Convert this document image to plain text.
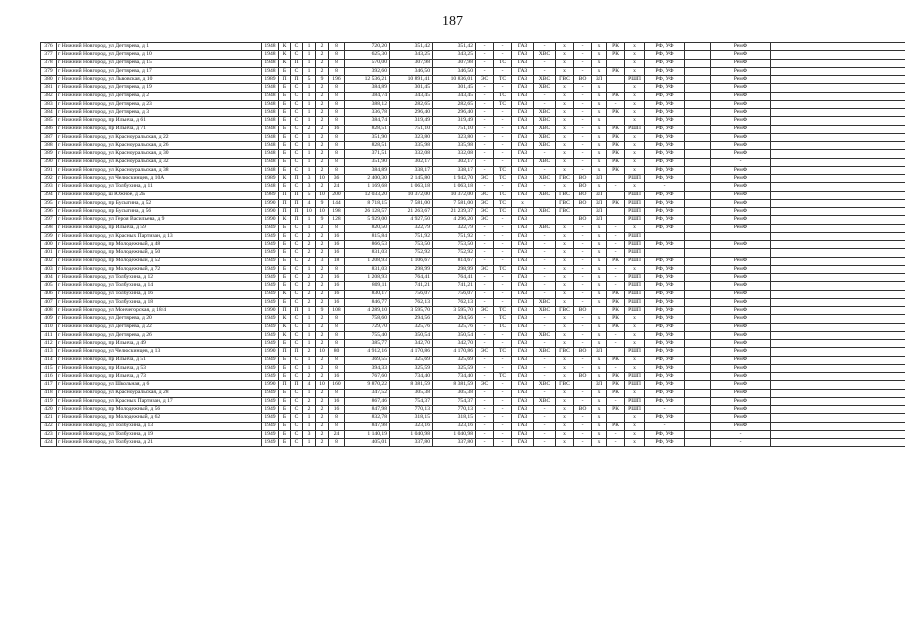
187
376	г Нижний Новгород, ул Дегтярева, д 1	1948	К	С	1	2	8	720,20	351,42	351,42	-	-	ГАЗ	-	х	-	х	РК	х	РФ, УФ		РемФ	
377	г Нижний Новгород, ул Дегтярева, д 10	1948	К	С	1	2	8	625,30	343,25	343,25	-	-	ГАЗ	ХВС	х	-	х	РК	х	РФ, УФ		РемФ	
378	г Нижний Новгород, ул Дегтярева, д 15	1948	К	П	1	2	8	570,00	307,98	307,98	-	ТС	ГАЗ	-	х	-	х		х	РФ, УФ		РемФ	
379	г Нижний Новгород, ул Дегтярева, д 17	1948	Б	С	1	2	8	392,60	346,50	346,50	-	-	ГАЗ	-	х	-	х	РК	х	РФ, УФ		РемФ	
380	г Нижний Новгород, ул Львовская, д 10	1989	П	П	5	9	196	12 536,21	10 891,41	10 836,01	ЭС	ТС	ГАЗ	ХВС	ГВС	ВО	ЗЛ		РШП	РФ, УФ		РемФ	
381	г Нижний Новгород, ул Дегтярева, д 19	1948	Б	С	1	2	8	384,89	301,45	301,45	-	-	ГАЗ	ХВС	х	-	х		х	РФ, УФ		РемФ	
382	г Нижний Новгород, ул Дегтярева, д 2	1948	Б	С	1	2	8	384,74	343,45	343,45	-	ТС	ГАЗ	-	х	-	х	РК	х	РФ, УФ		РемФ	
383	г Нижний Новгород, ул Дегтярева, д 23	1948	Б	С	1	2	8	388,12	282,65	282,65	-	ТС	ГАЗ	-	х	-	х	-	х	РФ, УФ		РемФ	
384	г Нижний Новгород, ул Дегтярева, д 3	1948	Б	С	1	2	8	336,78	296,40	296,40	-	-	ГАЗ	ХВС	х	-	х	РК	х	РФ, УФ		РемФ	
385	г Нижний Новгород, пр Ильича, д 61	1948	Б	С	1	2	8	384,74	319,49	319,49	-	-	ГАЗ	ХВС	х	-	х		х	РФ, УФ		РемФ	
386	г Нижний Новгород, пр Ильича, д 71	1948	Б	С	2	2	16	828,51	751,10	751,10	-	-	ГАЗ	ХВС	х	-	х	РК	РШП	РФ, УФ		РемФ	
387	г Нижний Новгород, ул Красноуральская, д 22	1948	Б	С	1	2	8	351,90	323,80	323,80	-	-	ГАЗ	ХВС	х	-	х	РК	х	РФ, УФ		РемФ	
388	г Нижний Новгород, ул Красноуральская, д 26	1948	Б	С	1	2	8	828,51	335,98	335,98	-	-	ГАЗ	ХВС	х	-	х	РК	х	РФ, УФ		РемФ	
389	г Нижний Новгород, ул Красноуральская, д 30	1948	Б	С	1	2	8	371,51	332,08	332,08	-	-	ГАЗ	-	х	-	х	РК	х	РФ, УФ		РемФ	
390	г Нижний Новгород, ул Красноуральская, д 32	1948	Б	С	1	2	8	351,90	302,17	302,17	-	-	ГАЗ	ХВС	х	-	х	РК	х	РФ, УФ		-	
391	г Нижний Новгород, ул Красноуральская, д 38	1948	Б	С	1	2	8	384,89	338,17	338,17	-	ТС	ГАЗ	-	х	-	х	РК	х	РФ, УФ		РемФ	
392	г Нижний Новгород, ул Челюскинцев, д 10А	1989	К	П	3	10	36	2 400,30	2 145,80	1 942,70	ЭС	ТС	ГАЗ	ХВС	ГВС	ВО	ЗЛ		РШП	РФ, УФ		РемФ	
393	г Нижний Новгород, ул Толбухина, д 11	1948	Б	С	3	2	24	1 169,68	1 063,18	1 063,18	-	-	ГАЗ	-	х	ВО	х	-	х	-		РемФ	
394	г Нижний Новгород, ш Южное, д 2Б	1989	П	П	5	10	200	12 033,20	10 372,00	10 372,00	ЭС	ТС	ГАЗ	ХВС	ГВС	ВО	ЗЛ		РШП	РФ, УФ		РемФ	
395	г Нижний Новгород, пр Бусыгина, д 52	1990	П	П	4	9	144	8 718,15	7 581,00	7 581,00	ЭС	ТС	х		ГВС	ВО	ЗЛ	РК	РШП	РФ, УФ		РемФ	
396	г Нижний Новгород, пр Бусыгина, д 56	1990	П	П	10	10	198	26 128,57	21 263,67	21 239,37	ЭС	ТС	ГАЗ	ХВС	ГВС		ЗЛ		РШП	РФ, УФ		РемФ	
397	г Нижний Новгород, ул Героя Васильева, д 9	1990	К	П	1	9	128	5 929,00	4 927,50	4 296,20	ЭС	-	ГАЗ			ВО	ЗЛ		РШП	РФ, УФ		РемФ	
398	г Нижний Новгород, пр Ильича, д 59	1949	Б	С	1	2	8	820,50	322,79	322,79	-	-	ГАЗ	ХВС	х	-	х	-	х	РФ, УФ		РемФ	
399	г Нижний Новгород, ул Красных Партизан, д 13	1949	Б	С	2	2	16	815,84	751,92	751,92	-	-	ГАЗ	-	х	-	х	-	РШП				
400	г Нижний Новгород, пр Молодежный, д 48	1949	Б	С	2	2	16	866,53	753,50	753,50	-	-	ГАЗ	-	х	-	х	-	РШП	РФ, УФ		РемФ	
401	г Нижний Новгород, пр Молодежный, д 50	1949	Б	С	2	2	16	831,03	752,92	752,92	-	-	ГАЗ	-	х	-	х	-	РШП				
402	г Нижний Новгород, пр Молодежный, д 52	1949	Б	С	2	3	18	1 208,93	1 106,67	814,67	-	-	ГАЗ	-	х	-	х	РК	РШП	РФ, УФ		РемФ	
403	г Нижний Новгород, пр Молодежный, д 72	1949	Б	С	1	2	8	831,03	298,99	298,99	ЭС	ТС	ГАЗ	-	х	-	х	-	х	РФ, УФ		РемФ	
404	г Нижний Новгород, ул Толбухина, д 12	1949	Б	С	2	2	16	1 208,93	764,41	764,41	-	-	ГАЗ	-	х	-	х	-	РШП	РФ, УФ		РемФ	
405	г Нижний Новгород, ул Толбухина, д 14	1949	Б	С	2	2	16	809,11	741,21	741,21	-	-	ГАЗ	-	х	-	х	-	РШП	РФ, УФ		РемФ	
406	г Нижний Новгород, ул Толбухина, д 16	1949	К	С	2	2	16	830,17	756,07	756,07	-	-	ГАЗ	-	х	-	х	РК	РШП	РФ, УФ		РемФ	
407	г Нижний Новгород, ул Толбухина, д 18	1949	Б	С	2	2	16	846,77	762,13	762,13	-	-	ГАЗ	ХВС	х	-	х	РК	РШП	РФ, УФ		РемФ	
408	г Нижний Новгород, ул Мончегорская, д 18/4	1990	П	П	1	9	108	4 289,10	3 595,70	3 595,70	ЭС	ТС	ГАЗ	ХВС	ГВС	ВО		РК	РШП	РФ, УФ		РемФ	
409	г Нижний Новгород, ул Дегтярева, д 20	1949	К	С	1	2	8	758,60	294,56	294,56	-	ТС	ГАЗ	-	х	-	х	РК	х	РФ, УФ		РемФ	
410	г Нижний Новгород, ул Дегтярева, д 22	1949	К	С	1	2	8	729,70	325,76	325,76	-	ТС	ГАЗ	-	х	-	х	РК	х	РФ, УФ		РемФ	
411	г Нижний Новгород, ул Дегтярева, д 26	1949	К	С	1	2	8	755,40	350,54	350,54	-	-	ГАЗ	ХВС	х	-	х	-	х	РФ, УФ		РемФ	
412	г Нижний Новгород, пр Ильича, д 49	1949	Б	С	1	2	8	385,77	342,70	342,70	-	-	ГАЗ	-	х	-	х	-	х	РФ, УФ		РемФ	
413	г Нижний Новгород, ул Челюскинцев, д 13	1990	П	П	2	10	80	4 912,16	4 170,86	4 170,86	ЭС	ТС	ГАЗ	ХВС	ГВС	ВО	ЗЛ		РШП	РФ, УФ		РемФ	
414	г Нижний Новгород, пр Ильича, д 51	1949	Б	С	1	2	8	369,55	325,69	325,69	-	-	ГАЗ	-	х	-	х	РК	х	РФ, УФ		РемФ	
415	г Нижний Новгород, пр Ильича, д 53	1949	Б	С	1	2	8	394,33	325,59	325,59	-	-	ГАЗ	-	х	-	х	-	х	РФ, УФ		РемФ	
416	г Нижний Новгород, пр Ильича, д 73	1949	Б	С	2	2	16	767,60	734,40	734,40	-	ТС	ГАЗ	-	х	ВО	х	РК	РШП	РФ, УФ		РемФ	
417	г Нижний Новгород, ул Школьная, д 6	1990	П	П	4	10	160	9 870,22	8 381,59	8 381,59	ЭС	-	ГАЗ	ХВС	ГВС		ЗЛ	РК	РШП	РФ, УФ		РемФ	
418	г Нижний Новгород, ул Красноуральская, д 28	1949	Б	С	1	2	8	347,52	305,38	305,38	-	-	ГАЗ	-	х	-	х	РК	х	РФ, УФ		РемФ	
419	г Нижний Новгород, ул Красных Партизан, д 17	1949	Б	С	2	2	16	867,46	754,37	754,37	-	-	ГАЗ	ХВС	х	-	х	-	РШП	РФ, УФ		РемФ	
420	г Нижний Новгород, пр Молодежный, д 56	1949	Б	С	2	2	16	847,98	770,13	770,13	-	-	ГАЗ	-	х	ВО	х	РК	РШП	-		РемФ	
421	г Нижний Новгород, пр Молодежный, д 62	1949	Б	С	1	2	8	832,78	318,15	318,15	-	-	ГАЗ	-	х	-	х		х	РФ, УФ		РемФ	
422	г Нижний Новгород, ул Толбухина, д 13	1949	Б	С	1	2	8	847,98	323,16	323,16	-	-	ГАЗ	-	х	-	х	РК	х	-		РемФ	
423	г Нижний Новгород, ул Толбухина, д 19	1949	Б	С	3	2	24	1 140,19	1 040,98	1 040,98	-	-	ГАЗ	-	х	-	х	-	х	РФ, УФ		-	
424	г Нижний Новгород, ул Толбухина, д 21	1949	Б	С	1	2	8	405,01	337,80	337,80	-	-	ГАЗ	-	х	-	х	-	х	РФ, УФ		-	
